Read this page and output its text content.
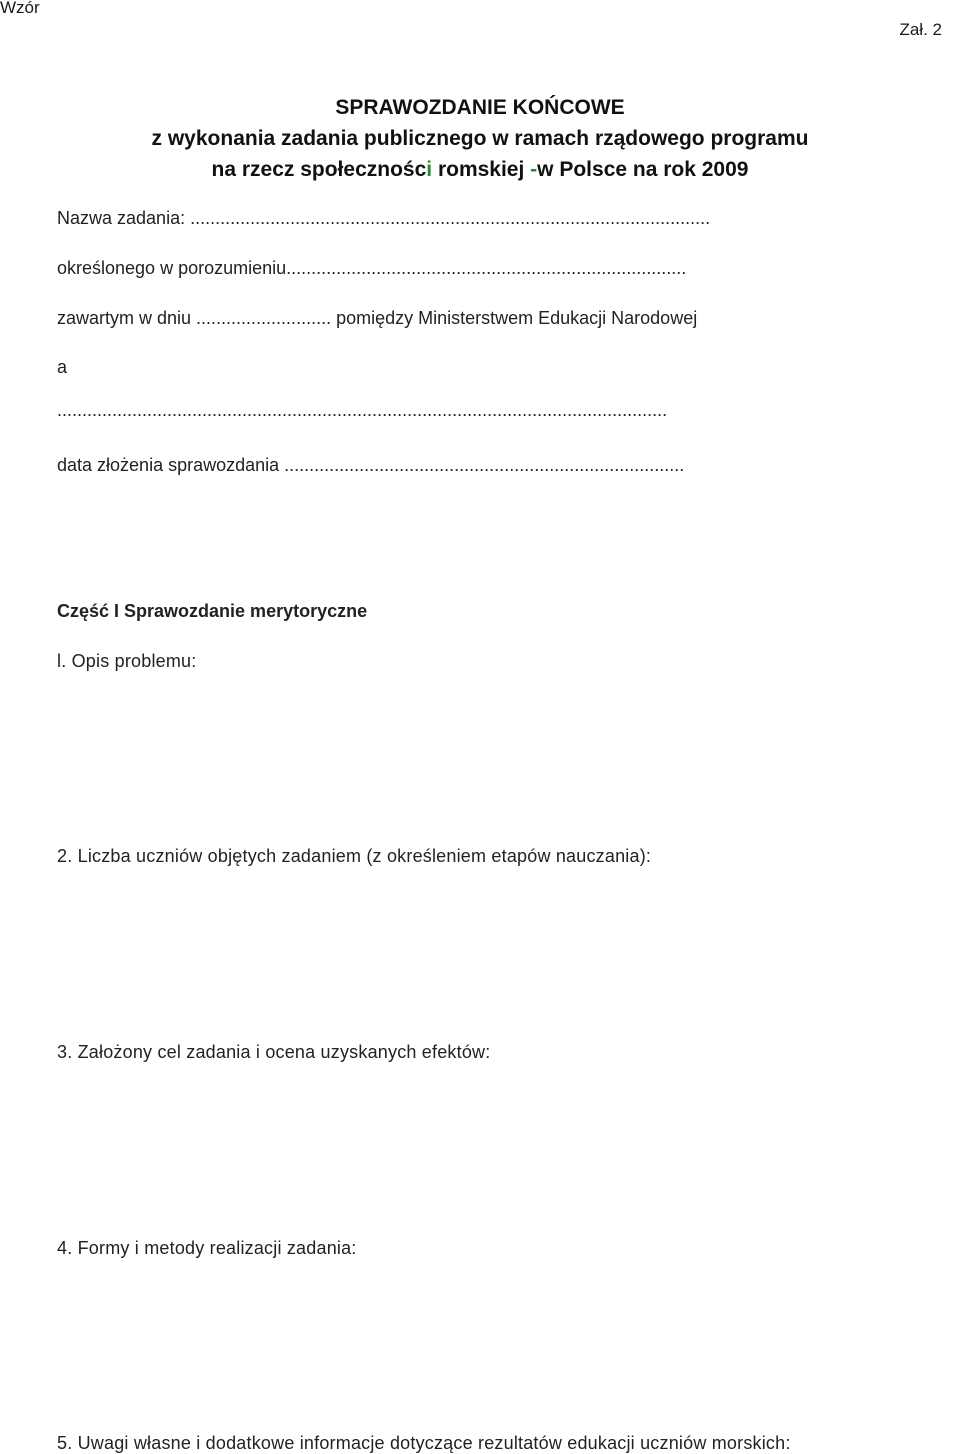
Wzór
Zał. 2
SPRAWOZDANIE KOŃCOWE
z wykonania zadania publicznego w ramach rządowego programu
na rzecz społeczności romskiej -w Polsce na rok 2009
Nazwa zadania: ........................................................................................................
określonego w porozumieniu................................................................................
zawartym w dniu ........................... pomiędzy Ministerstwem Edukacji Narodowej
a
..........................................................................................................................
data złożenia sprawozdania ................................................................................
Część I Sprawozdanie merytoryczne
l. Opis problemu:
2. Liczba uczniów objętych zadaniem (z określeniem etapów nauczania):
3. Założony cel zadania i ocena uzyskanych efektów:
4. Formy i metody realizacji zadania:
5. Uwagi własne i dodatkowe informacje dotyczące rezultatów edukacji uczniów morskich:
